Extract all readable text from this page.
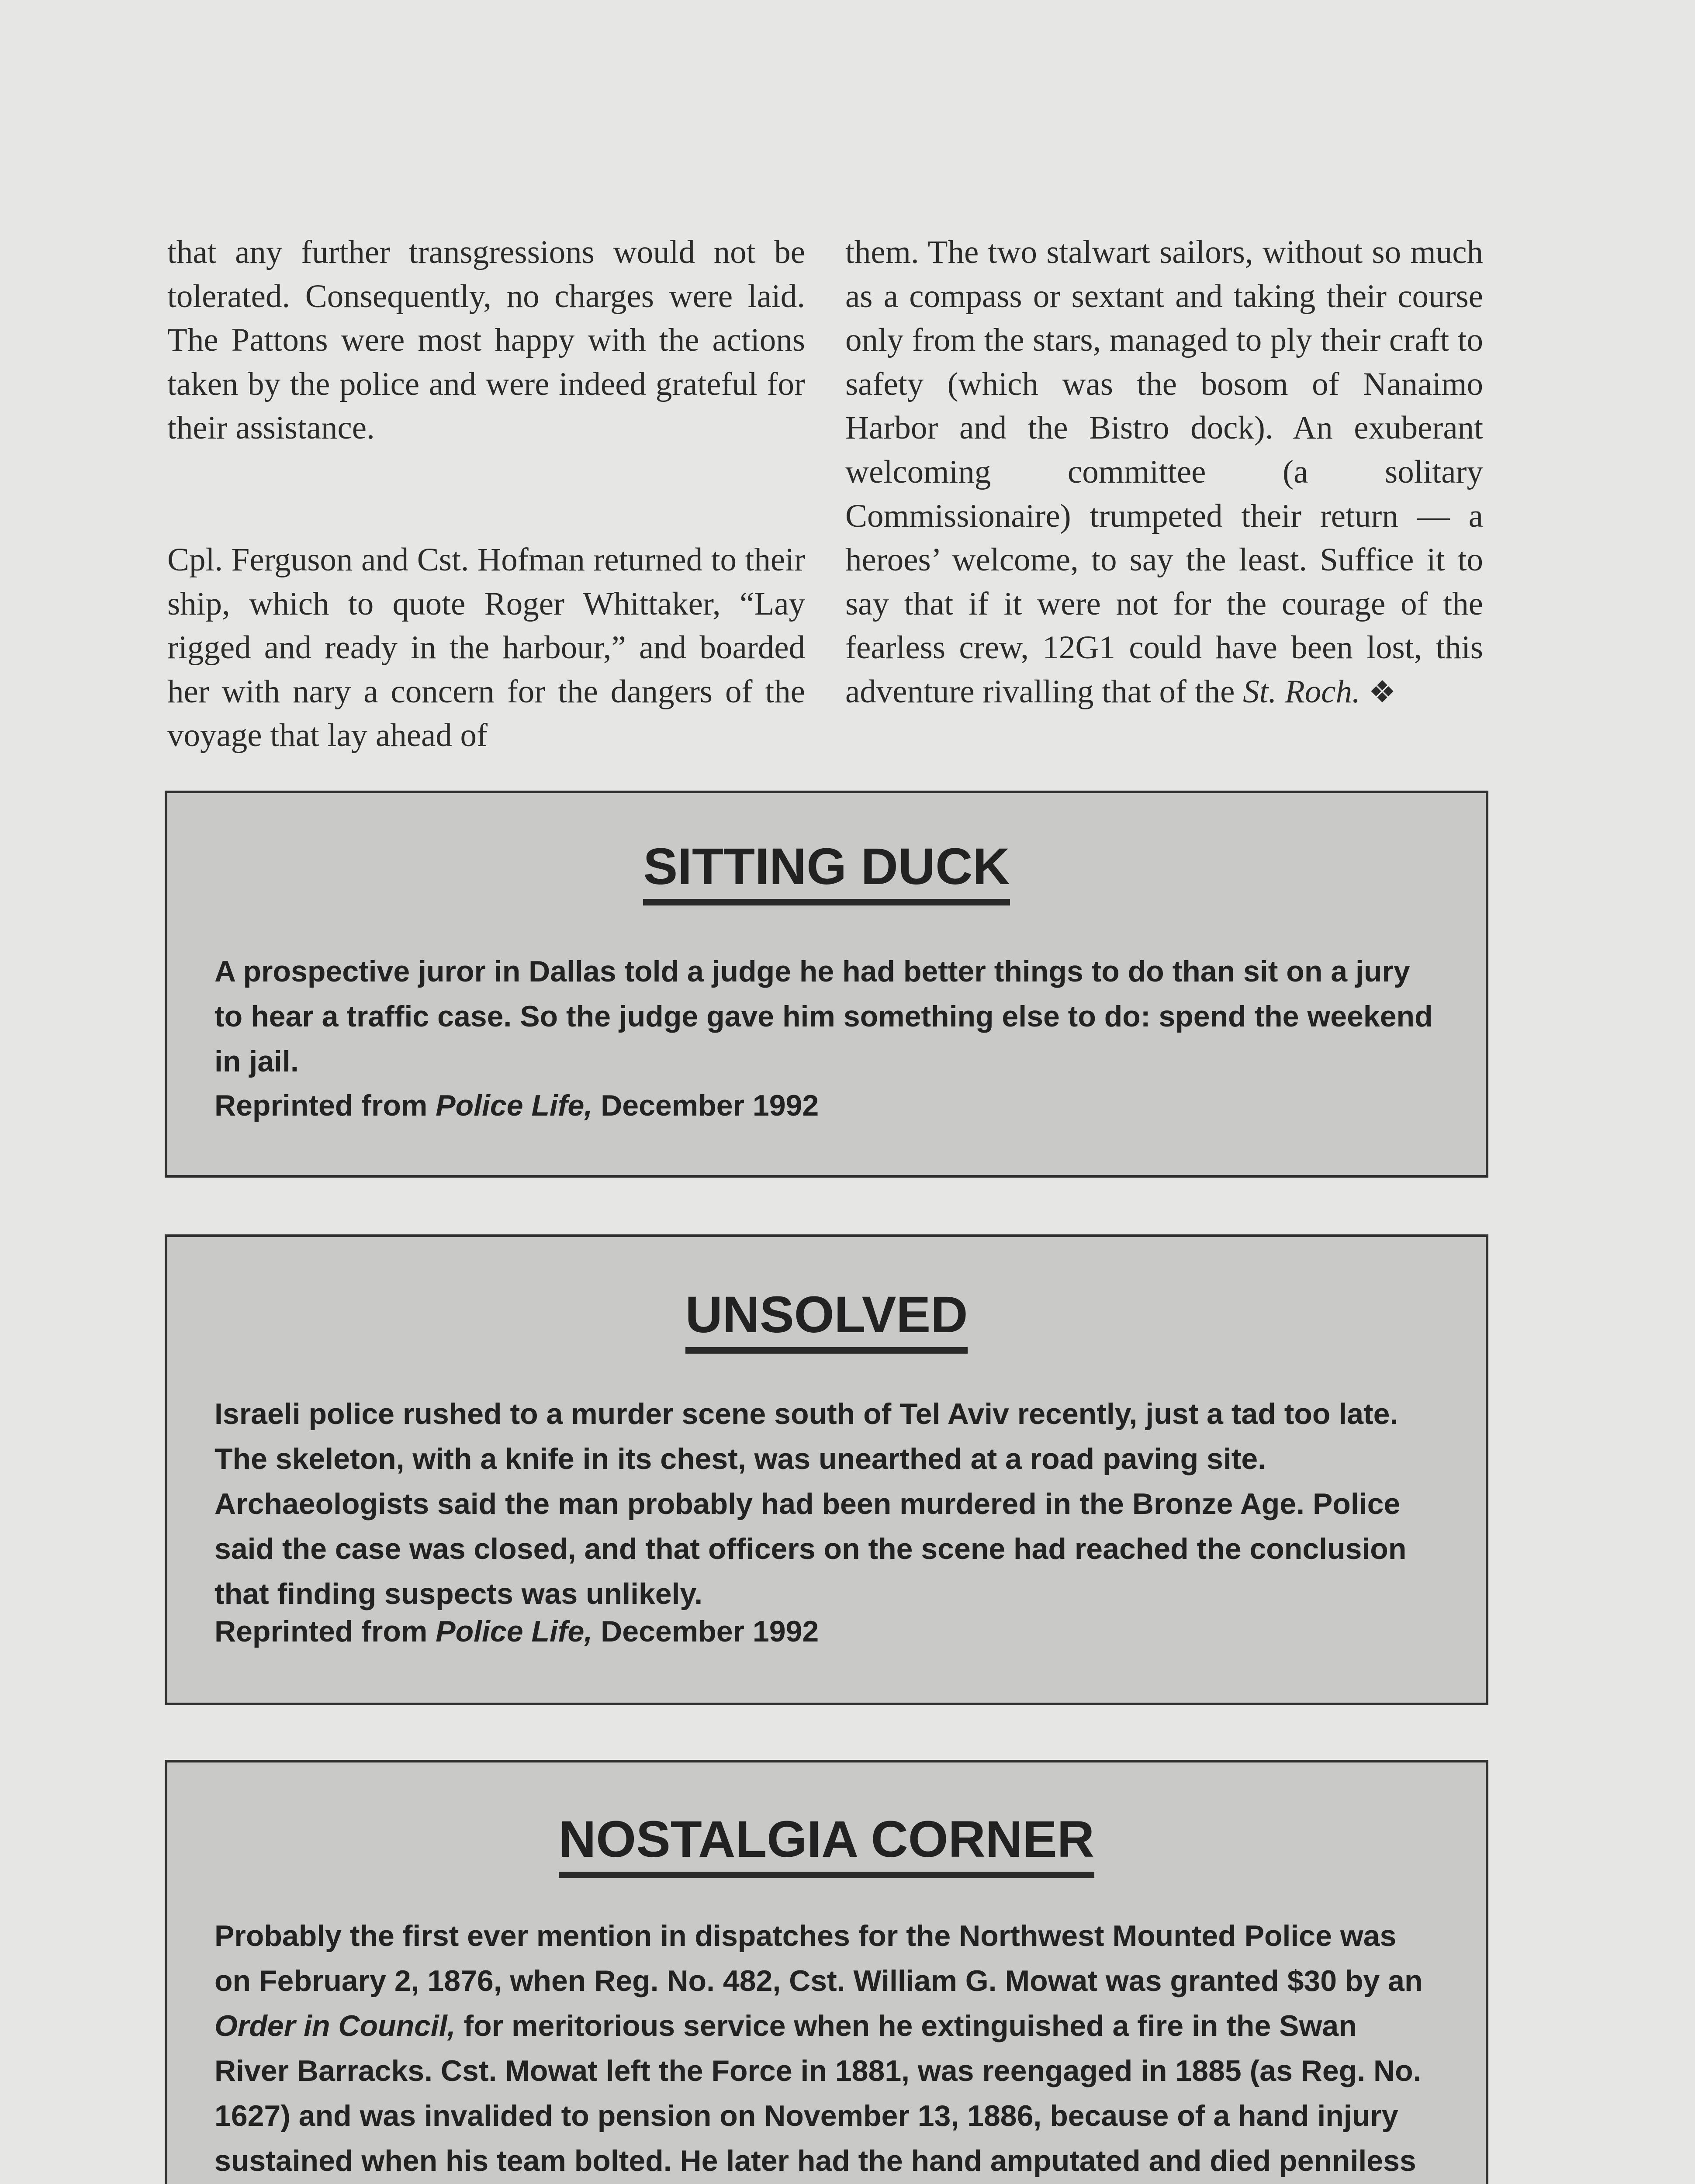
that any further transgressions would not be tolerated. Consequently, no charges were laid. The Pattons were most happy with the actions taken by the police and were indeed grateful for their assistance.

Cpl. Ferguson and Cst. Hofman returned to their ship, which to quote Roger Whittaker, “Lay rigged and ready in the harbour,” and boarded her with nary a concern for the dangers of the voyage that lay ahead of

them. The two stalwart sailors, without so much as a compass or sextant and taking their course only from the stars, managed to ply their craft to safety (which was the bosom of Nanaimo Harbor and the Bistro dock). An exuberant welcoming committee (a solitary Commissionaire) trumpeted their return — a heroes’ welcome, to say the least. Suffice it to say that if it were not for the courage of the fearless crew, 12G1 could have been lost, this adventure rivalling that of the St. Roch. ❖

SITTING DUCK

A prospective juror in Dallas told a judge he had better things to do than sit on a jury to hear a traffic case. So the judge gave him something else to do: spend the weekend in jail.

Reprinted from Police Life, December 1992
UNSOLVED

Israeli police rushed to a murder scene south of Tel Aviv recently, just a tad too late. The skeleton, with a knife in its chest, was unearthed at a road paving site. Archaeologists said the man probably had been murdered in the Bronze Age. Police said the case was closed, and that officers on the scene had reached the conclusion that finding suspects was unlikely.

Reprinted from Police Life, December 1992
NOSTALGIA CORNER

Probably the first ever mention in dispatches for the Northwest Mounted Police was on February 2, 1876, when Reg. No. 482, Cst. William G. Mowat was granted $30 by an Order in Council, for meritorious service when he extinguished a fire in the Swan River Barracks. Cst. Mowat left the Force in 1881, was reengaged in 1885 (as Reg. No. 1627) and was invalided to pension on November 13, 1886, because of a hand injury sustained when his team bolted. He later had the hand amputated and died penniless
